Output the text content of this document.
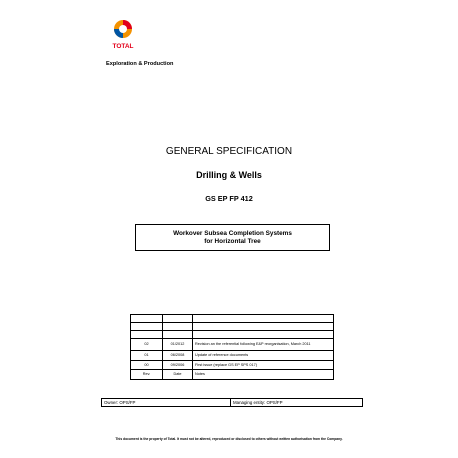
TOTAL
Exploration & Production
GENERAL SPECIFICATION
Drilling & Wells
GS EP FP 412
Workover Subsea Completion Systems
for Horizontal Tree

02	01/2012	Revision an the referential following E&P reorganisation, March 2011
01	06/2008	Update of reference documents
00	09/2006	First issue (replace GS EP SPS 017)
Rev.	Date	Notes
Owner: OPS/FP	Managing entity: OPS/FP
This document is the property of Total. It must not be altered, reproduced or disclosed to others without written authorisation from the Company.
